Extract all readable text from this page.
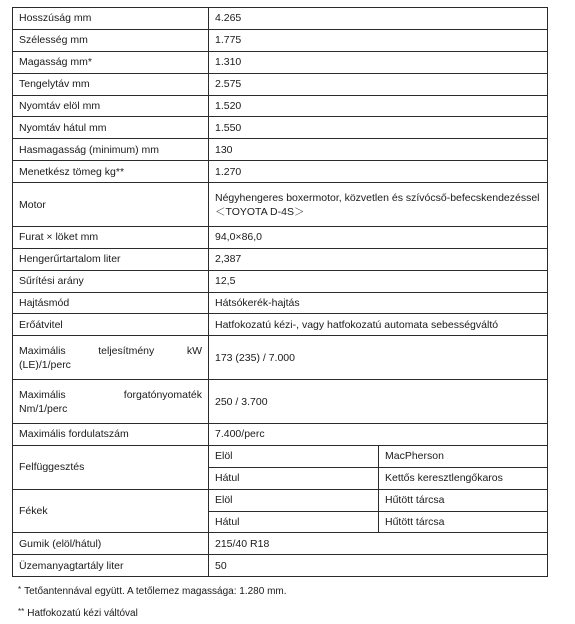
Hosszúság mm	4.265	
Szélesség mm	1.775	
Magasság mm*	1.310	
Tengelytáv mm	2.575	
Nyomtáv elöl mm	1.520	
Nyomtáv hátul mm	1.550	
Hasmagasság (minimum) mm	130	
Menetkész tömeg kg**	1.270	
Motor	Négyhengeres boxermotor, közvetlen és szívócső-befecskendezéssel
＜TOYOTA D-4S＞	

Furat × löket mm	94,0×86,0	
Hengerűrtartalom liter	2,387	
Sűrítési arány	12,5	
Hajtásmód	Hátsókerék-hajtás	
Erőátvitel	Hatfokozatú kézi-, vagy hatfokozatú automata sebességváltó	

Maximális teljesítmény kW
(LE)/1/perc	173 (235) / 7.000	

Maximális forgatónyomaték
Nm/1/perc	250 / 3.700	
Maximális fordulatszám	7.400/perc	
Felfüggesztés	Elöl	MacPherson
	Hátul	Kettős keresztlengőkaros
Fékek	Elöl	Hűtött tárcsa
	Hátul	Hűtött tárcsa
Gumik (elöl/hátul)	215/40 R18	
Üzemanyagtartály liter	50	
* Tetőantennával együtt. A tetőlemez magassága: 1.280 mm.
** Hatfokozatú kézi váltóval
